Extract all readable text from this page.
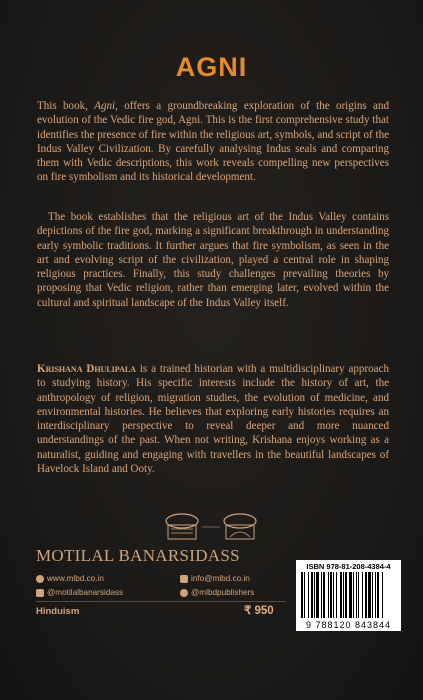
AGNI

This book, Agni, offers a groundbreaking exploration of the origins and evolution of the Vedic fire god, Agni. This is the first comprehensive study that identifies the presence of fire within the religious art, symbols, and script of the Indus Valley Civilization. By carefully analysing Indus seals and comparing them with Vedic descriptions, this work reveals compelling new perspectives on fire symbolism and its historical development.

The book establishes that the religious art of the Indus Valley contains depictions of the fire god, marking a significant breakthrough in understanding early symbolic traditions. It further argues that fire symbolism, as seen in the art and evolving script of the civilization, played a central role in shaping religious practices. Finally, this study challenges prevailing theories by proposing that Vedic religion, rather than emerging later, evolved within the cultural and spiritual landscape of the Indus Valley itself.

Krishana Dhulipala is a trained historian with a multidisciplinary approach to studying history. His specific interests include the history of art, the anthropology of religion, migration studies, the evolution of medicine, and environmental histories. He believes that exploring early histories requires an interdisciplinary perspective to reveal deeper and more nuanced understandings of the past. When not writing, Krishana enjoys working as a naturalist, guiding and engaging with travellers in the beautiful landscapes of Havelock Island and Ooty.

MOTILAL BANARSIDASS
www.mlbd.co.in	info@mlbd.co.in
@motilalbanarsidass	@mlbdpublishers
Hinduism	₹ 950
ISBN 978-81-208-4384-4
9 788120 843844
